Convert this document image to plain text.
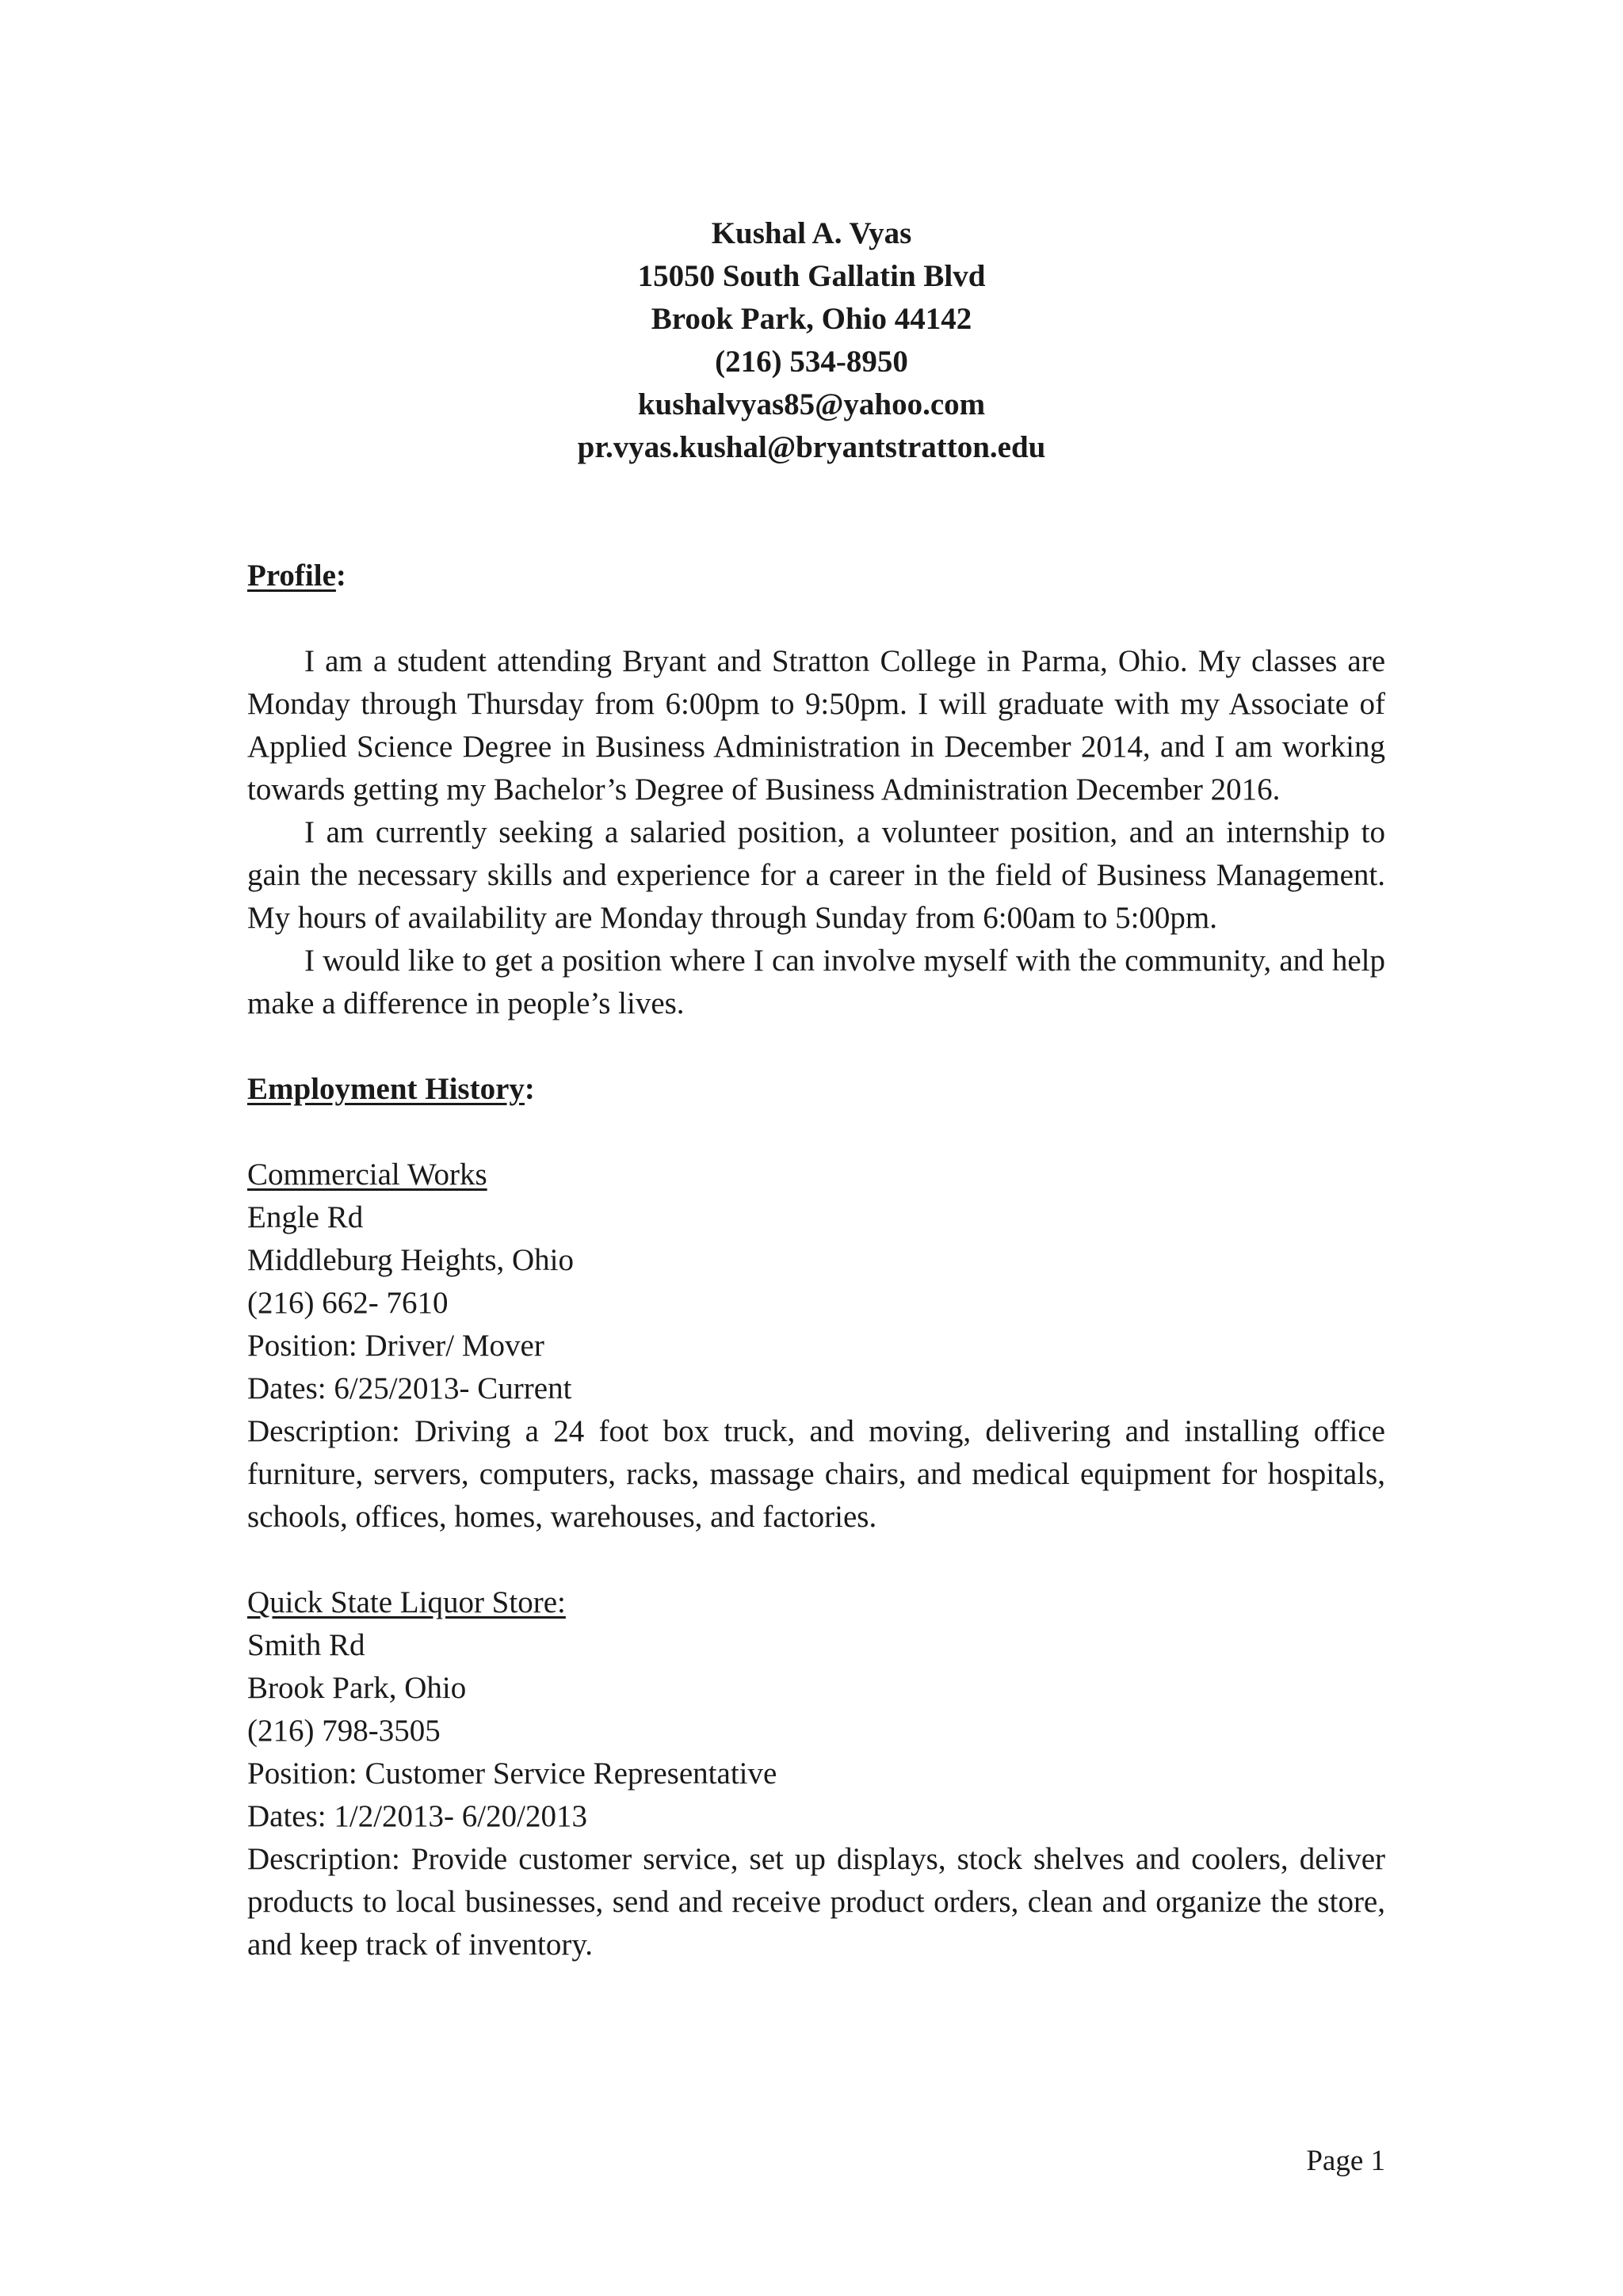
Kushal A. Vyas
15050 South Gallatin Blvd
Brook Park, Ohio 44142
(216) 534-8950
kushalvyas85@yahoo.com
pr.vyas.kushal@bryantstratton.edu
Profile:

I am a student attending Bryant and Stratton College in Parma, Ohio. My classes are Monday through Thursday from 6:00pm to 9:50pm. I will graduate with my Associate of Applied Science Degree in Business Administration in December 2014, and I am working towards getting my Bachelor’s Degree of Business Administration December 2016.

I am currently seeking a salaried position, a volunteer position, and an internship to gain the necessary skills and experience for a career in the field of Business Management. My hours of availability are Monday through Sunday from 6:00am to 5:00pm.

I would like to get a position where I can involve myself with the community, and help make a difference in people’s lives.

Employment History:

Commercial Works

Engle Rd

Middleburg Heights, Ohio

(216) 662- 7610

Position: Driver/ Mover

Dates: 6/25/2013- Current

Description: Driving a 24 foot box truck, and moving, delivering and installing office furniture, servers, computers, racks, massage chairs, and medical equipment for hospitals, schools, offices, homes, warehouses, and factories.

Quick State Liquor Store:

Smith Rd

Brook Park, Ohio

(216) 798-3505

Position: Customer Service Representative

Dates: 1/2/2013- 6/20/2013

Description: Provide customer service, set up displays, stock shelves and coolers, deliver products to local businesses, send and receive product orders, clean and organize the store, and keep track of inventory.

Page 1
